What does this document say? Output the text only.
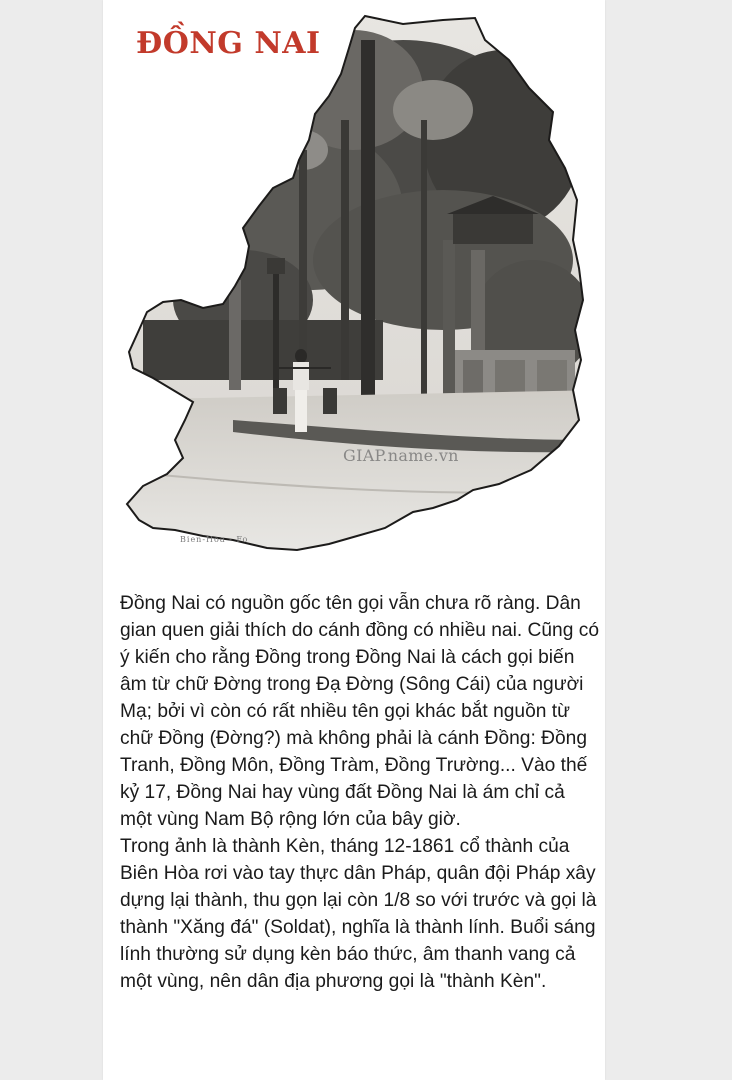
ĐỒNG NAI
GIAP.name.vn
Bien-Hoa - Fo

Đồng Nai có nguồn gốc tên gọi vẫn chưa rõ ràng. Dân gian quen giải thích do cánh đồng có nhiều nai. Cũng có ý kiến cho rằng Đồng trong Đồng Nai là cách gọi biến âm từ chữ Đờng trong Đạ Đờng (Sông Cái) của người Mạ; bởi vì còn có rất nhiều tên gọi khác bắt nguồn từ chữ Đồng (Đờng?) mà không phải là cánh Đồng: Đồng Tranh, Đồng Môn, Đồng Tràm, Đồng Trường... Vào thế kỷ 17, Đồng Nai hay vùng đất Đồng Nai là ám chỉ cả một vùng Nam Bộ rộng lớn của bây giờ.

Trong ảnh là thành Kèn, tháng 12-1861 cổ thành của Biên Hòa rơi vào tay thực dân Pháp, quân đội Pháp xây dựng lại thành, thu gọn lại còn 1/8 so với trước và gọi là thành "Xăng đá" (Soldat), nghĩa là thành lính. Buổi sáng lính thường sử dụng kèn báo thức, âm thanh vang cả một vùng, nên dân địa phương gọi là "thành Kèn".
